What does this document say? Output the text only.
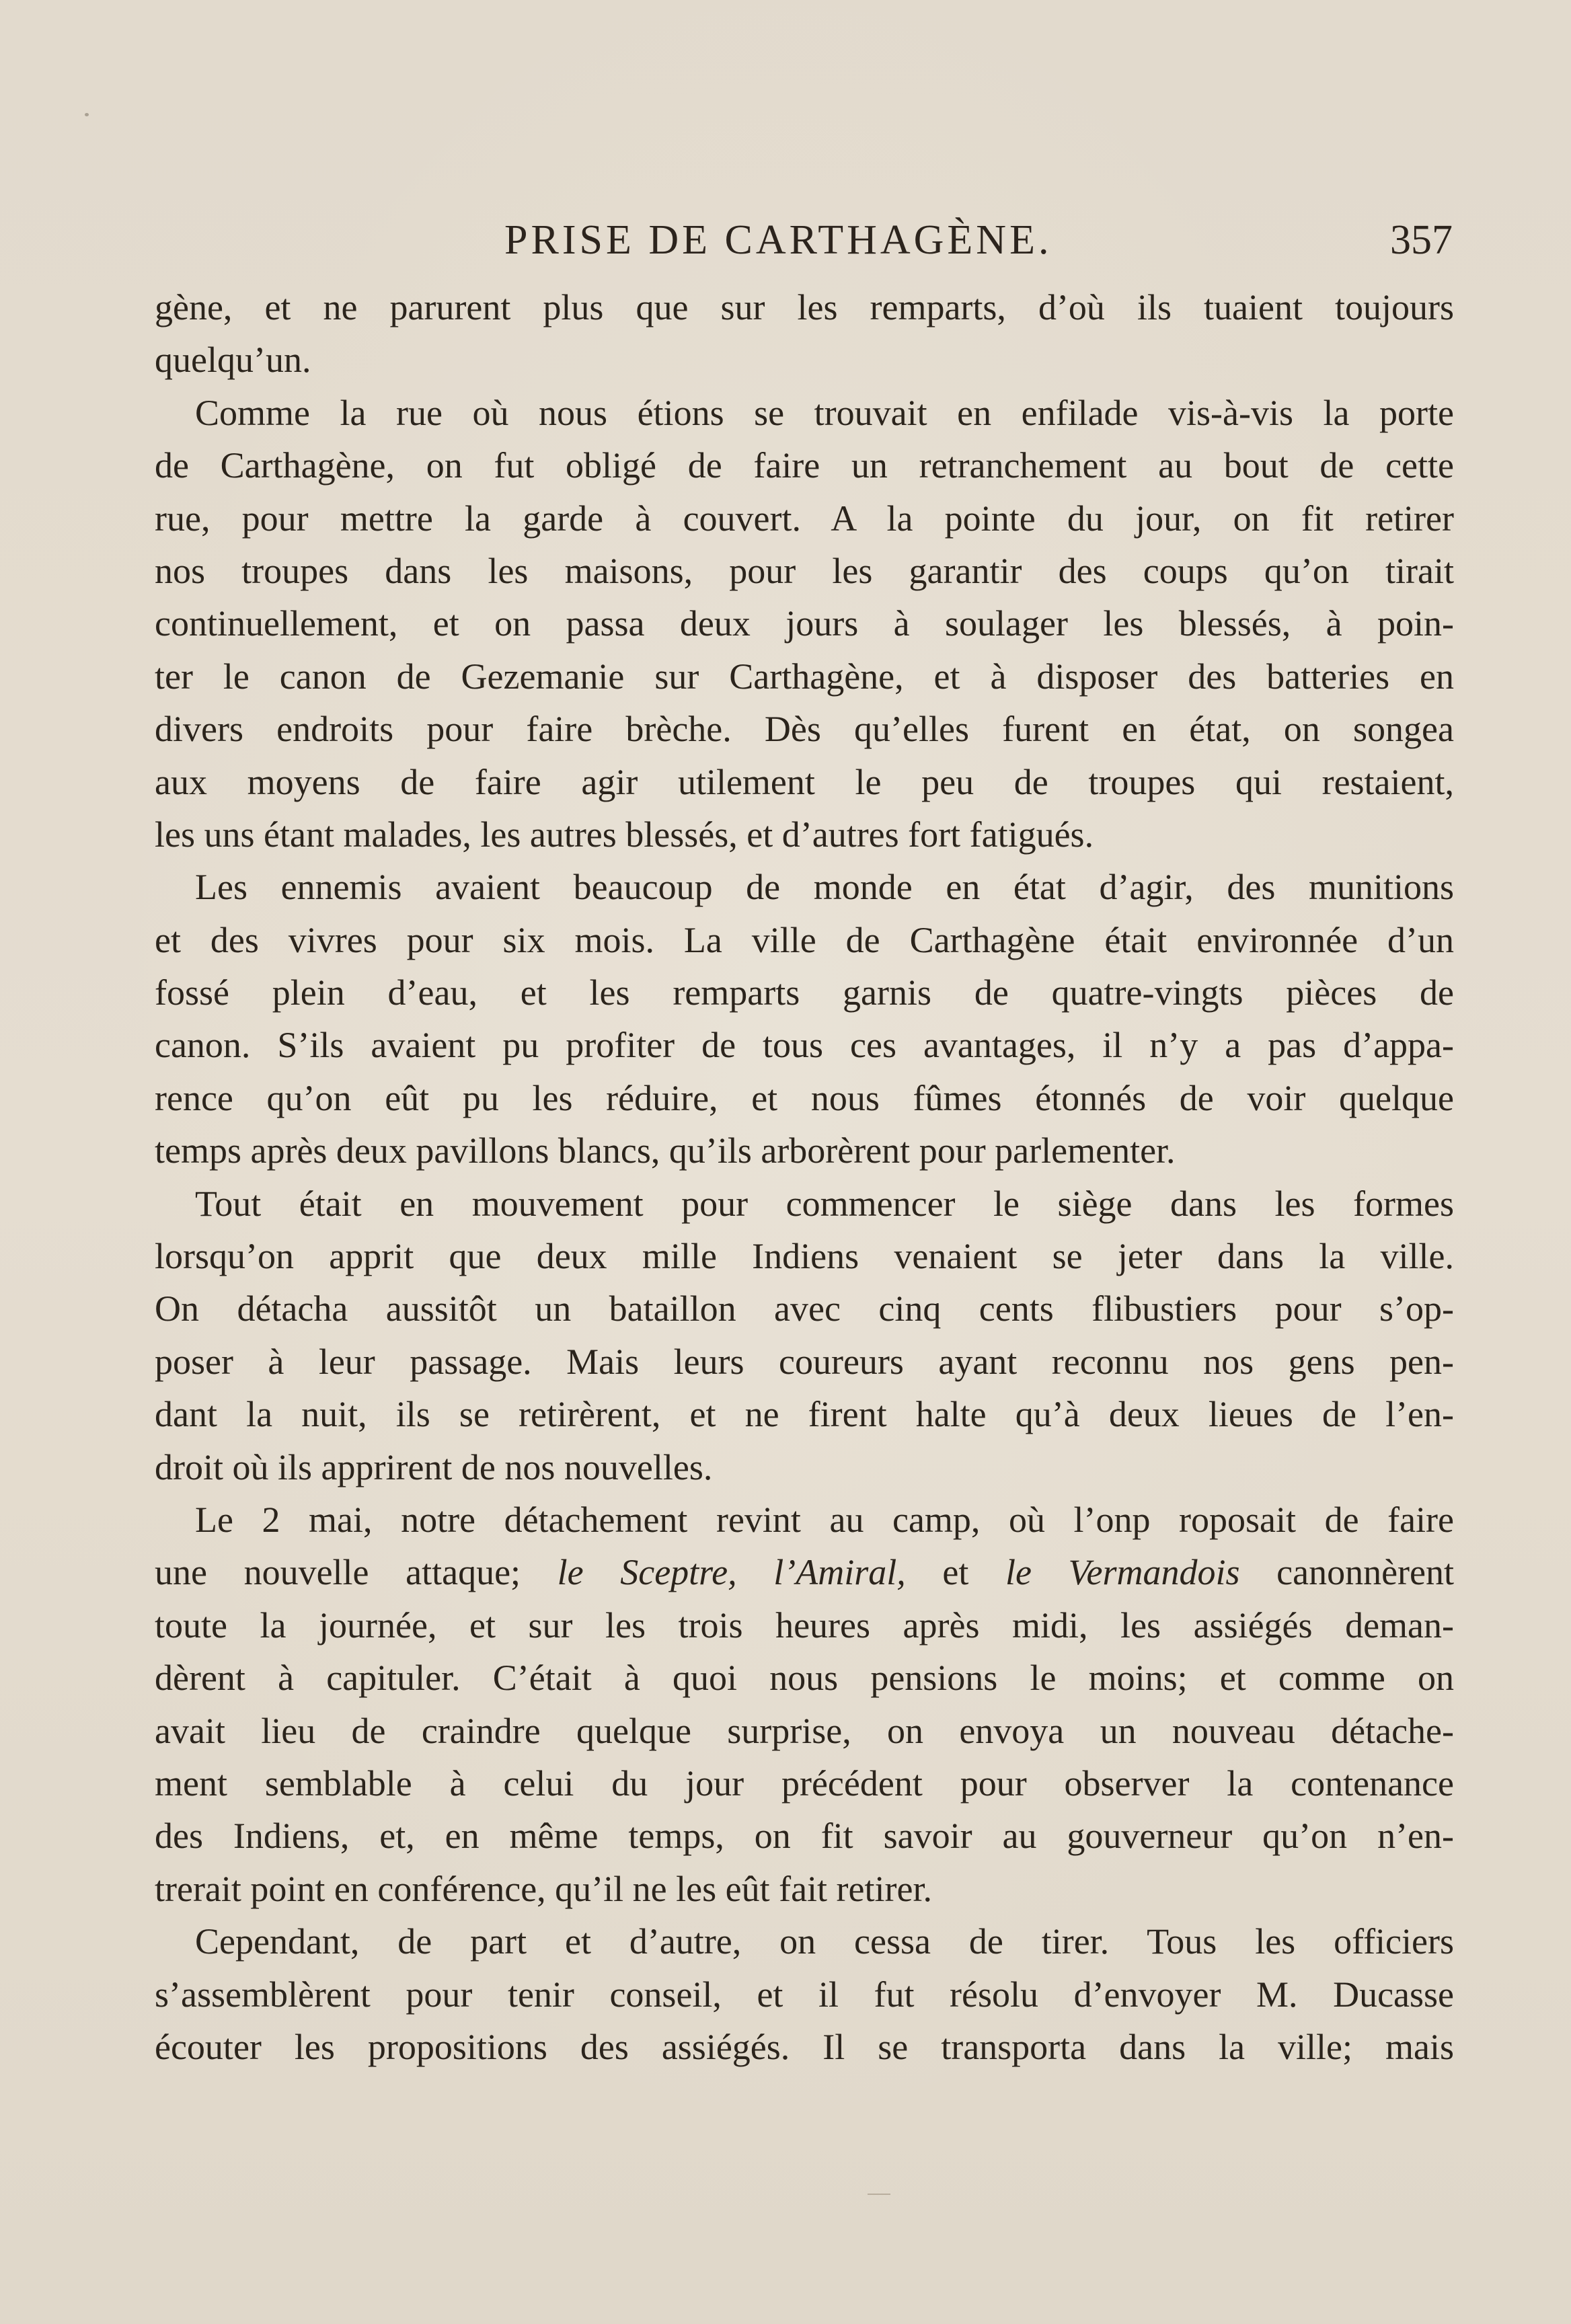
PRISE DE CARTHAGÈNE.	357
gène, et ne parurent plus que sur les remparts, d’où ils tuaient toujours
quelqu’un.
Comme la rue où nous étions se trouvait en enfilade vis-à-vis la porte
de Carthagène, on fut obligé de faire un retranchement au bout de cette
rue, pour mettre la garde à couvert. A la pointe du jour, on fit retirer
nos troupes dans les maisons, pour les garantir des coups qu’on tirait
continuellement, et on passa deux jours à soulager les blessés, à poin-
ter le canon de Gezemanie sur Carthagène, et à disposer des batteries en
divers endroits pour faire brèche. Dès qu’elles furent en état, on songea
aux moyens de faire agir utilement le peu de troupes qui restaient,
les uns étant malades, les autres blessés, et d’autres fort fatigués.
Les ennemis avaient beaucoup de monde en état d’agir, des munitions
et des vivres pour six mois. La ville de Carthagène était environnée d’un
fossé plein d’eau, et les remparts garnis de quatre-vingts pièces de
canon. S’ils avaient pu profiter de tous ces avantages, il n’y a pas d’appa-
rence qu’on eût pu les réduire, et nous fûmes étonnés de voir quelque
temps après deux pavillons blancs, qu’ils arborèrent pour parlementer.
Tout était en mouvement pour commencer le siège dans les formes
lorsqu’on apprit que deux mille Indiens venaient se jeter dans la ville.
On détacha aussitôt un bataillon avec cinq cents flibustiers pour s’op-
poser à leur passage. Mais leurs coureurs ayant reconnu nos gens pen-
dant la nuit, ils se retirèrent, et ne firent halte qu’à deux lieues de l’en-
droit où ils apprirent de nos nouvelles.
Le 2 mai, notre détachement revint au camp, où l’onp roposait de faire
une nouvelle attaque; le Sceptre, l’Amiral, et le Vermandois canonnèrent
toute la journée, et sur les trois heures après midi, les assiégés deman-
dèrent à capituler. C’était à quoi nous pensions le moins; et comme on
avait lieu de craindre quelque surprise, on envoya un nouveau détache-
ment semblable à celui du jour précédent pour observer la contenance
des Indiens, et, en même temps, on fit savoir au gouverneur qu’on n’en-
trerait point en conférence, qu’il ne les eût fait retirer.
Cependant, de part et d’autre, on cessa de tirer. Tous les officiers
s’assemblèrent pour tenir conseil, et il fut résolu d’envoyer M. Ducasse
écouter les propositions des assiégés. Il se transporta dans la ville; mais
